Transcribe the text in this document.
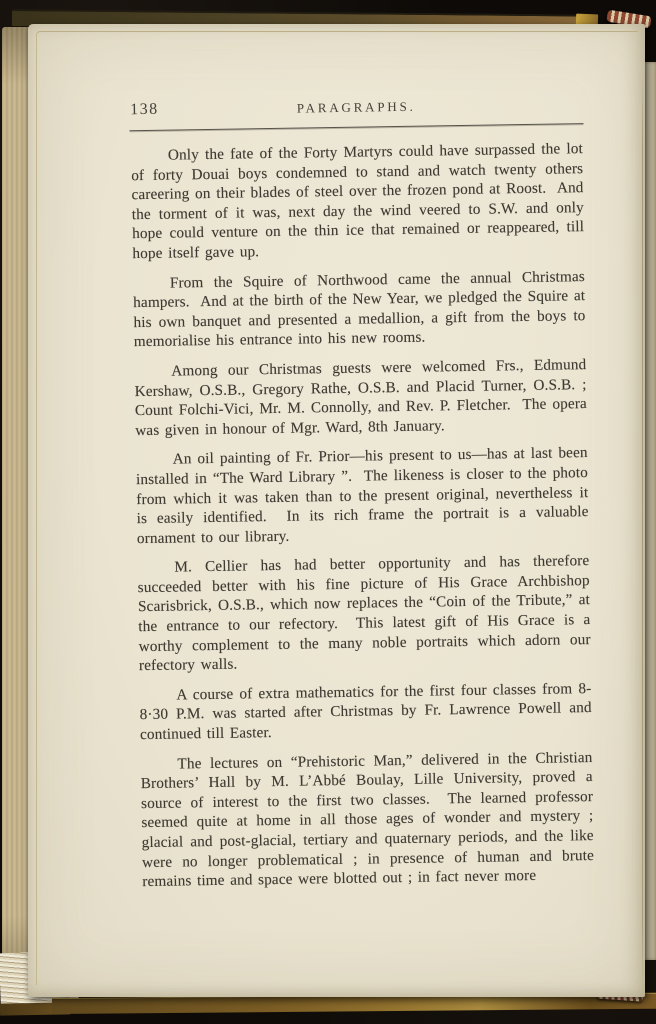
138	PARAGRAPHS.

Only the fate of the Forty Martyrs could have surpassed the lot of forty Douai boys condemned to stand and watch twenty others careering on their blades of steel over the frozen pond at Roost.  And the torment of it was, next day the wind veered to S.W. and only hope could venture on the thin ice that remained or reappeared, till hope itself gave up.

From the Squire of Northwood came the annual Christmas hampers.  And at the birth of the New Year, we pledged the Squire at his own banquet and presented a medallion, a gift from the boys to memorialise his entrance into his new rooms.

Among our Christmas guests were welcomed Frs., Edmund Kershaw, O.S.B., Gregory Rathe, O.S.B. and Placid Turner, O.S.B. ; Count Folchi-Vici, Mr. M. Connolly, and Rev. P. Fletcher.  The opera was given in honour of Mgr. Ward, 8th January.

An oil painting of Fr. Prior—his present to us—has at last been installed in “The Ward Library ”.  The likeness is closer to the photo from which it was taken than to the present original, nevertheless it is easily identified.  In its rich frame the portrait is a valuable ornament to our library.

M. Cellier has had better opportunity and has therefore succeeded better with his fine picture of His Grace Archbishop Scarisbrick, O.S.B., which now replaces the “Coin of the Tribute,” at the entrance to our refectory.  This latest gift of His Grace is a worthy complement to the many noble portraits which adorn our refectory walls.

A course of extra mathematics for the first four classes from 8-8·30 P.M. was started after Christmas by Fr. Lawrence Powell and continued till Easter.

The lectures on “Prehistoric Man,” delivered in the Christian Brothers’ Hall by M. L’Abbé Boulay, Lille University, proved a source of interest to the first two classes.  The learned professor seemed quite at home in all those ages of wonder and mystery ; glacial and post-glacial, tertiary and quaternary periods, and the like were no longer problematical ; in presence of human and brute remains time and space were blotted out ; in fact never more
